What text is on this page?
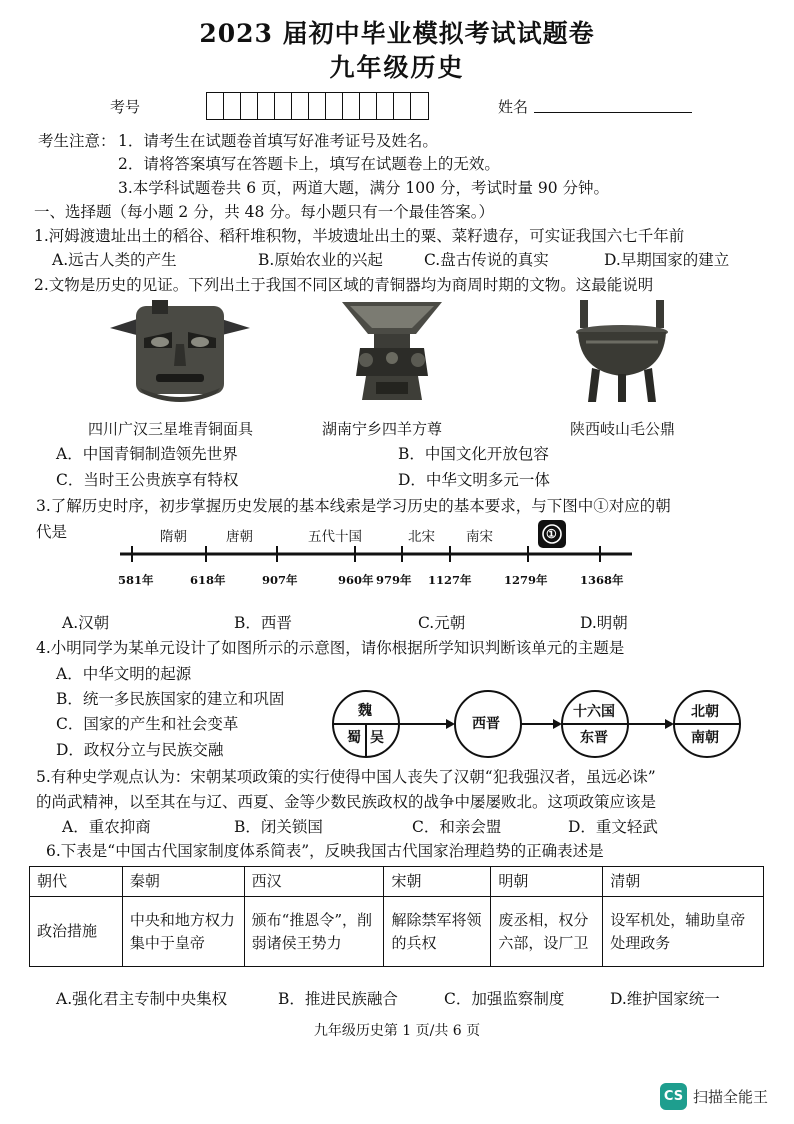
2023 届初中毕业模拟考试试题卷
九年级历史
考号	姓名
考生注意： 1．请考生在试题卷首填写好准考证号及姓名。
2．请将答案填写在答题卡上，填写在试题卷上的无效。
3.本学科试题卷共 6 页，两道大题，满分 100 分，考试时量 90 分钟。
一、选择题（每小题 2 分，共 48 分。每小题只有一个最佳答案。）
1.河姆渡遗址出土的稻谷、稻秆堆积物，半坡遗址出土的粟、菜籽遗存，可实证我国六七千年前
A.远古人类的产生	B.原始农业的兴起	C.盘古传说的真实	D.早期国家的建立
2.文物是历史的见证。下列出土于我国不同区域的青铜器均为商周时期的文物。这最能说明
四川广汉三星堆青铜面具	湖南宁乡四羊方尊	陕西岐山毛公鼎
A．中国青铜制造领先世界	B．中国文化开放包容
C．当时王公贵族享有特权	D．中华文明多元一体
3.了解历史时序，初步掌握历史发展的基本线索是学习历史的基本要求，与下图中①对应的朝
代是	隋朝	唐朝	五代十国	北宋 南宋	①
581年	618年	907年	960年 979年 1127年	1279年	1368年
A.汉朝	B．西晋	C.元朝	D.明朝
4.小明同学为某单元设计了如图所示的示意图，请你根据所学知识判断该单元的主题是
A．中华文明的起源
B．统一多民族国家的建立和巩固
C．国家的产生和社会变革
D．政权分立与民族交融
魏
蜀 吴
西晋
十六国
东晋
北朝
南朝
5.有种史学观点认为：宋朝某项政策的实行使得中国人丧失了汉朝“犯我强汉者，虽远必诛”
的尚武精神，以至其在与辽、西夏、金等少数民族政权的战争中屡屡败北。这项政策应该是
A．重农抑商	B．闭关锁国	C．和亲会盟	D．重文轻武
6.下表是“中国古代国家制度体系简表”，反映我国古代国家治理趋势的正确表述是
朝代	秦朝	西汉	宋朝	明朝	清朝
政治措施	中央和地方权力集中于皇帝	颁布“推恩令”，削弱诸侯王势力	解除禁军将领的兵权	废丞相，权分六部，设厂卫	设军机处，辅助皇帝处理政务
A.强化君主专制中央集权	B．推进民族融合	C．加强监察制度	D.维护国家统一
九年级历史第 1 页/共 6 页
CS 扫描全能王
